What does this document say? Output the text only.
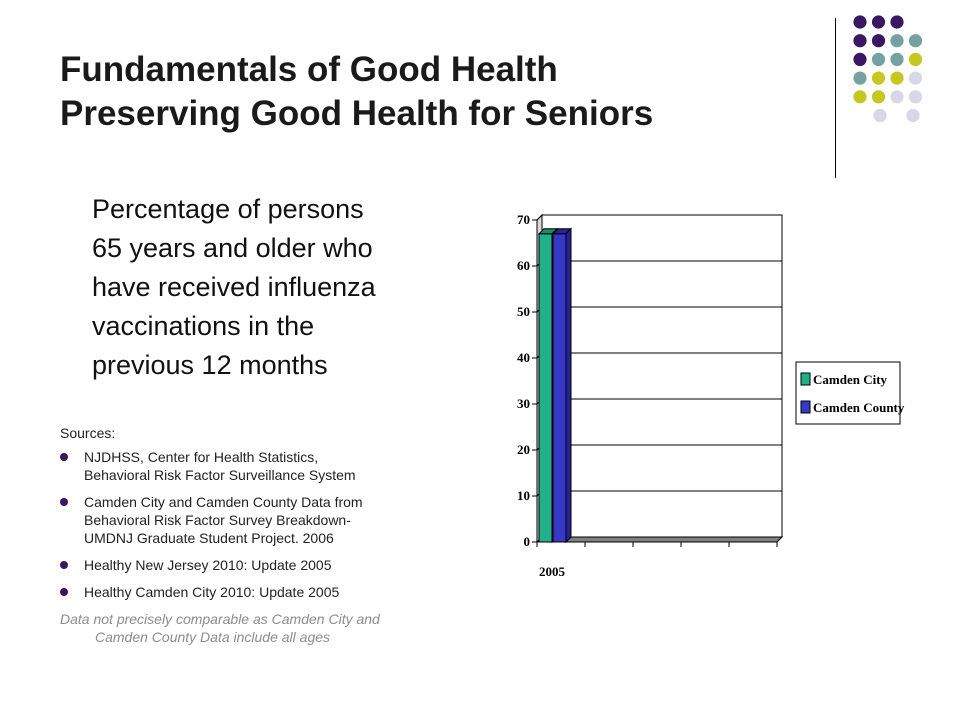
Fundamentals of Good Health
Preserving Good Health for Seniors
Percentage of persons
65 years and older who
have received influenza
vaccinations in the
previous 12 months
Sources:
NJDHSS, Center for Health Statistics,
Behavioral Risk Factor Surveillance System
Camden City and Camden County Data from
Behavioral Risk Factor Survey Breakdown-
UMDNJ Graduate Student Project. 2006
Healthy New Jersey 2010: Update 2005
Healthy Camden City 2010: Update 2005
Data not precisely comparable as Camden City and
Camden County Data include all ages
0
10
20
30
40
50
60
70
2005
Camden City
Camden County
